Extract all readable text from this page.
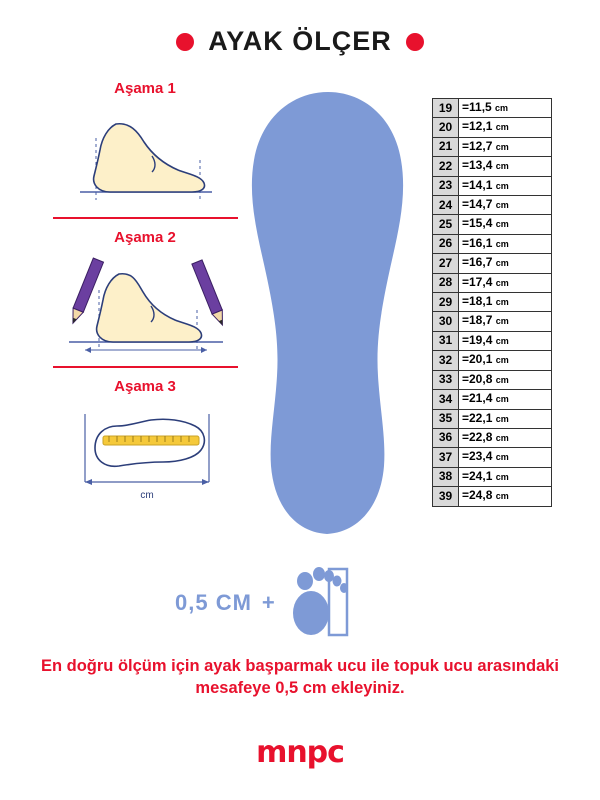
AYAK ÖLÇER
Aşama 1
Aşama 2
Aşama 3
cm
19	=11,5 cm
20	=12,1 cm
21	=12,7 cm
22	=13,4 cm
23	=14,1 cm
24	=14,7 cm
25	=15,4 cm
26	=16,1 cm
27	=16,7 cm
28	=17,4 cm
29	=18,1 cm
30	=18,7 cm
31	=19,4 cm
32	=20,1 cm
33	=20,8 cm
34	=21,4 cm
35	=22,1 cm
36	=22,8 cm
37	=23,4 cm
38	=24,1 cm
39	=24,8 cm
0,5 CM +
En doğru ölçüm için ayak başparmak ucu ile topuk ucu arasındaki mesafeye 0,5 cm ekleyiniz.
mnpc
